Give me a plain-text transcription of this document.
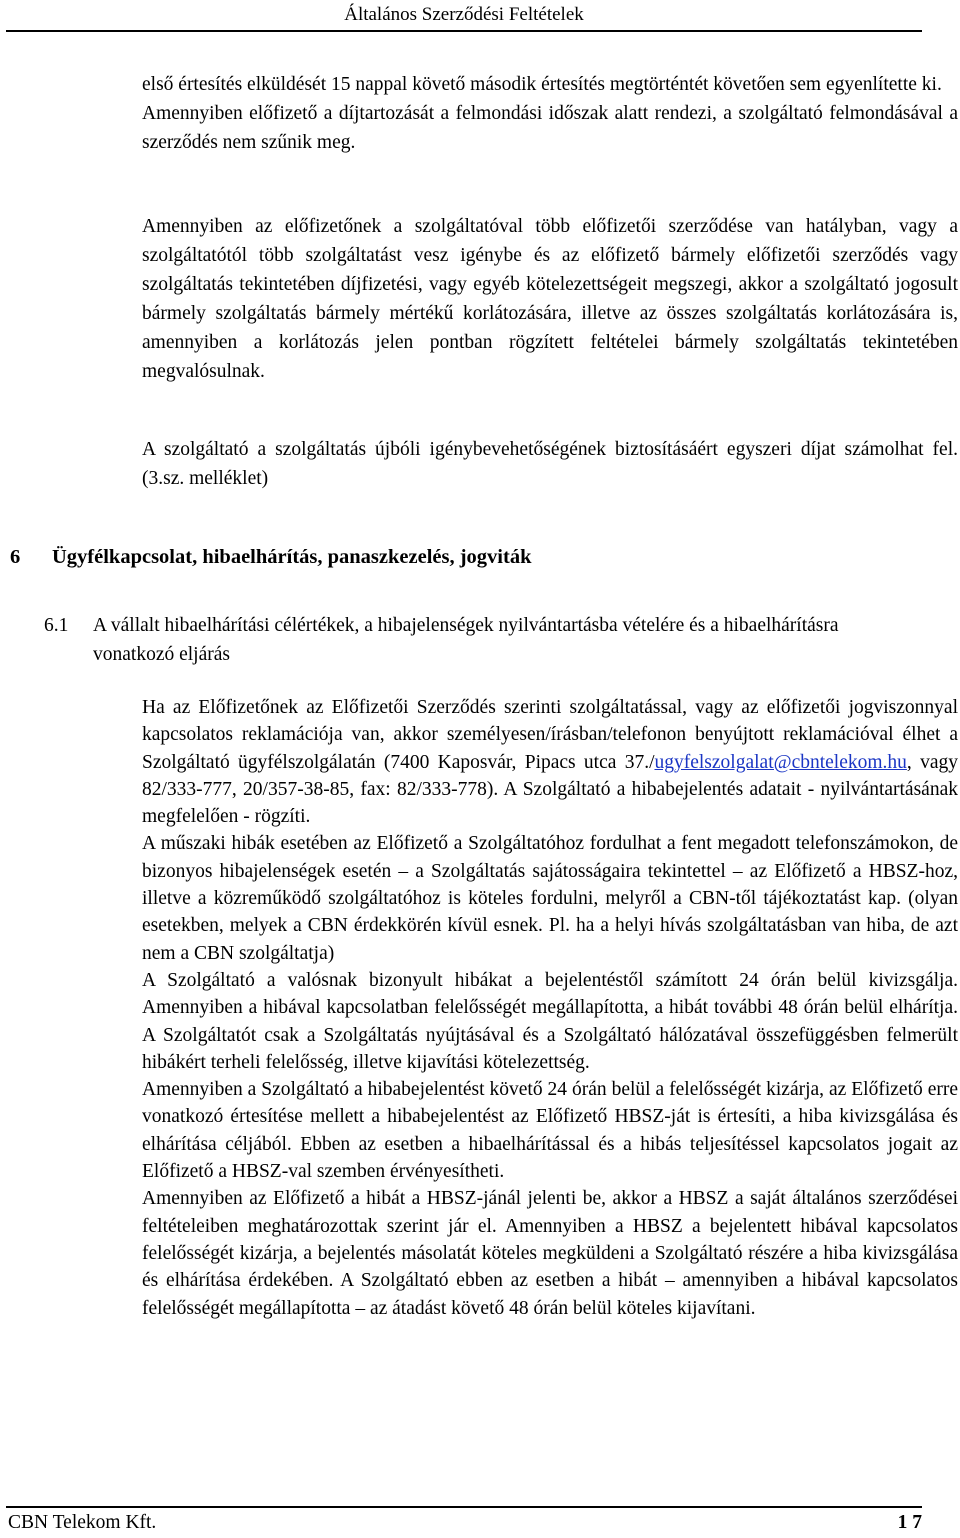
Általános Szerződési Feltételek
első értesítés elküldését 15 nappal követő második értesítés megtörténtét követően sem egyenlítette ki.
Amennyiben előfizető a díjtartozását a felmondási időszak alatt rendezi, a szolgáltató felmondásával a szerződés nem szűnik meg.
Amennyiben az előfizetőnek a szolgáltatóval több előfizetői szerződése van hatályban, vagy a szolgáltatótól több szolgáltatást vesz igénybe és az előfizető bármely előfizetői szerződés vagy szolgáltatás tekintetében díjfizetési, vagy egyéb kötelezettségeit megszegi, akkor a szolgáltató jogosult bármely szolgáltatás bármely mértékű korlátozására, illetve az összes szolgáltatás korlátozására is, amennyiben a korlátozás jelen pontban rögzített feltételei bármely szolgáltatás tekintetében megvalósulnak.
A szolgáltató a szolgáltatás újbóli igénybevehetőségének biztosításáért egyszeri díjat számolhat fel. (3.sz. melléklet)
6 Ügyfélkapcsolat, hibaelhárítás, panaszkezelés, jogviták
6.1 A vállalt hibaelhárítási célértékek, a hibajelenségek nyilvántartásba vételére és a hibaelhárításra vonatkozó eljárás
Ha az Előfizetőnek az Előfizetői Szerződés szerinti szolgáltatással, vagy az előfizetői jogviszonnyal kapcsolatos reklamációja van, akkor személyesen/írásban/telefonon benyújtott reklamációval élhet a Szolgáltató ügyfélszolgálatán (7400 Kaposvár, Pipacs utca 37./ugyfelszolgalat@cbntelekom.hu, vagy 82/333-777, 20/357-38-85, fax: 82/333-778). A Szolgáltató a hibabejelentés adatait - nyilvántartásának megfelelően - rögzíti.
A műszaki hibák esetében az Előfizető a Szolgáltatóhoz fordulhat a fent megadott telefonszámokon, de bizonyos hibajelenségek esetén – a Szolgáltatás sajátosságaira tekintettel – az Előfizető a HBSZ-hoz, illetve a közreműködő szolgáltatóhoz is köteles fordulni, melyről a CBN-től tájékoztatást kap. (olyan esetekben, melyek a CBN érdekkörén kívül esnek. Pl. ha a helyi hívás szolgáltatásban van hiba, de azt nem a CBN szolgáltatja)
A Szolgáltató a valósnak bizonyult hibákat a bejelentéstől számított 24 órán belül kivizsgálja. Amennyiben a hibával kapcsolatban felelősségét megállapította, a hibát további 48 órán belül elhárítja. A Szolgáltatót csak a Szolgáltatás nyújtásával és a Szolgáltató hálózatával összefüggésben felmerült hibákért terheli felelősség, illetve kijavítási kötelezettség.
Amennyiben a Szolgáltató a hibabejelentést követő 24 órán belül a felelősségét kizárja, az Előfizető erre vonatkozó értesítése mellett a hibabejelentést az Előfizető HBSZ-ját is értesíti, a hiba kivizsgálása és elhárítása céljából. Ebben az esetben a hibaelhárítással és a hibás teljesítéssel kapcsolatos jogait az Előfizető a HBSZ-val szemben érvényesítheti.
Amennyiben az Előfizető a hibát a HBSZ-jánál jelenti be, akkor a HBSZ a saját általános szerződései feltételeiben meghatározottak szerint jár el. Amennyiben a HBSZ a bejelentett hibával kapcsolatos felelősségét kizárja, a bejelentés másolatát köteles megküldeni a Szolgáltató részére a hiba kivizsgálása és elhárítása érdekében. A Szolgáltató ebben az esetben a hibát – amennyiben a hibával kapcsolatos felelősségét megállapította – az átadást követő 48 órán belül köteles kijavítani.
CBN Telekom Kft.	1 7
